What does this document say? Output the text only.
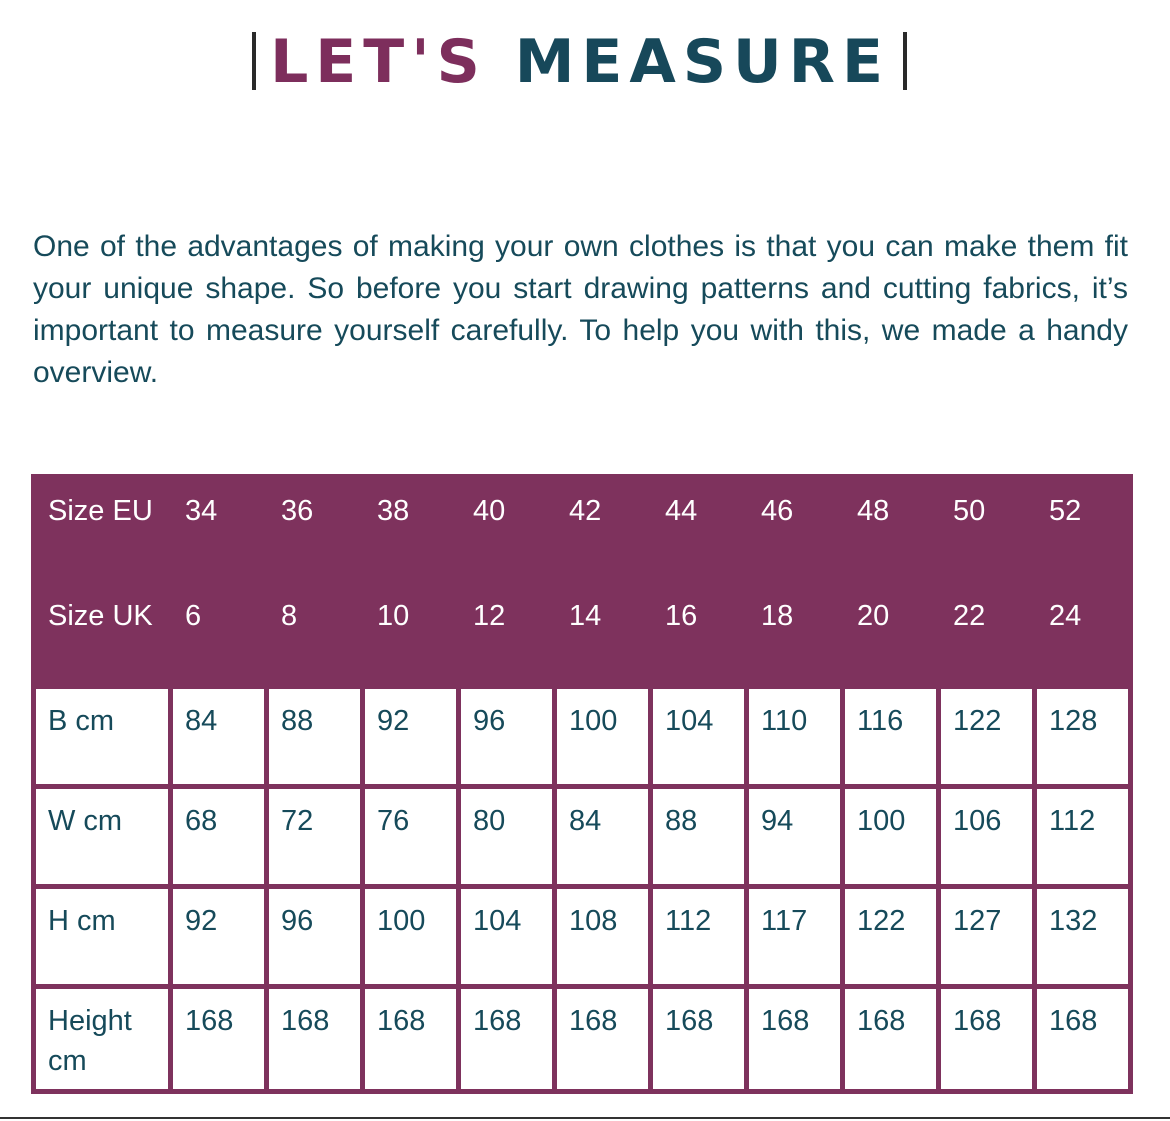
LET'S MEASURE

One of the advantages of making your own clothes is that you can make them fit your unique shape. So before you start drawing patterns and cutting fabrics, it’s important to measure yourself carefully. To help you with this, we made a handy overview.

Size EU	34	36	38	40	42	44	46	48	50	52
Size UK	6	8	10	12	14	16	18	20	22	24
B cm	84	88	92	96	100	104	110	116	122	128
W cm	68	72	76	80	84	88	94	100	106	112
H cm	92	96	100	104	108	112	117	122	127	132
Height cm	168	168	168	168	168	168	168	168	168	168
